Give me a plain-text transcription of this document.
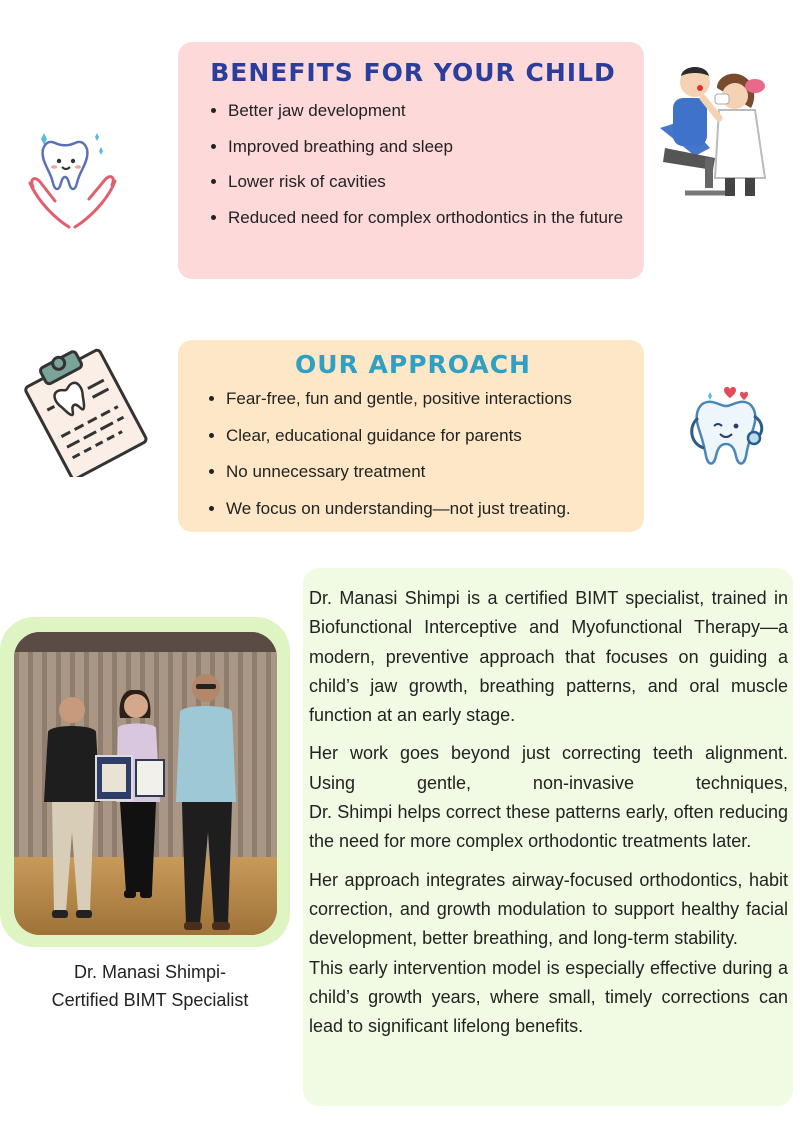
BENEFITS FOR YOUR CHILD
• Better jaw development
• Improved breathing and sleep
• Lower risk of cavities
• Reduced need for complex orthodontics in the future
OUR APPROACH
• Fear-free, fun and gentle, positive interactions
• Clear, educational guidance for parents
• No unnecessary treatment
• We focus on understanding—not just treating.
Dr. Manasi Shimpi-
Certified BIMT Specialist

Dr. Manasi Shimpi is a certified BIMT specialist, trained in Biofunctional Interceptive and Myofunctional Therapy—a modern, preventive approach that focuses on guiding a child’s jaw growth, breathing patterns, and oral muscle function at an early stage.

Her work goes beyond just correcting teeth alignment. Using gentle, non-invasive techniques,

Dr. Shimpi helps correct these patterns early, often reducing the need for more complex orthodontic treatments later.

Her approach integrates airway-focused orthodontics, habit correction, and growth modulation to support healthy facial development, better breathing, and long-term stability.

This early intervention model is especially effective during a child’s growth years, where small, timely corrections can lead to significant lifelong benefits.
